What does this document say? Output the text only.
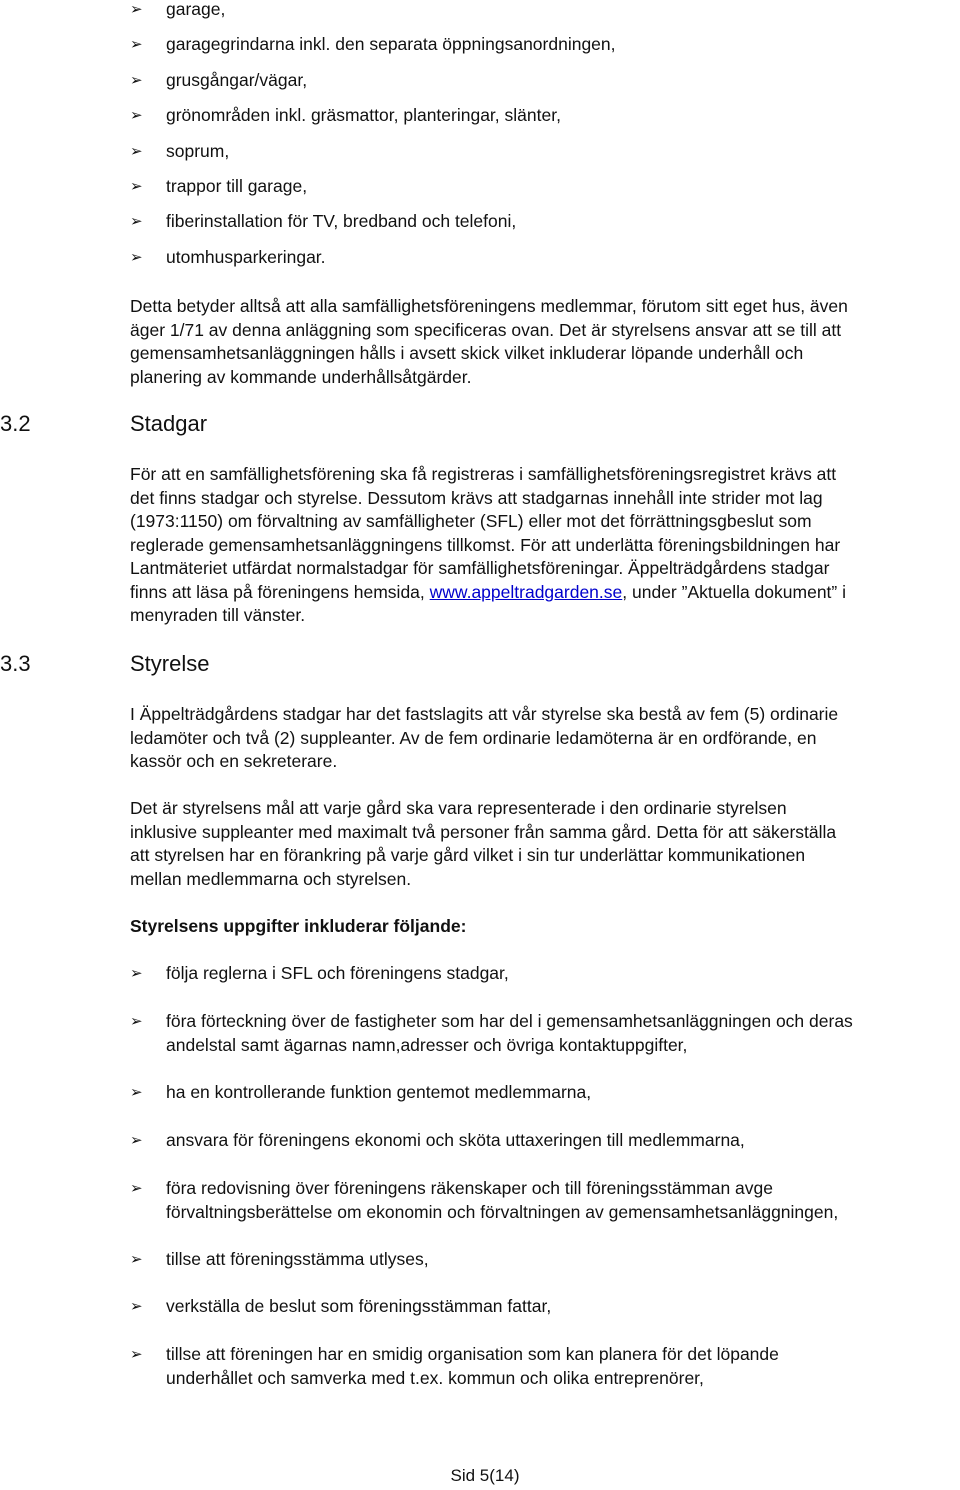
➢ garage,
➢ garagegrindarna inkl. den separata öppningsanordningen,
➢ grusgångar/vägar,
➢ grönområden inkl. gräsmattor, planteringar, slänter,
➢ soprum,
➢ trappor till garage,
➢ fiberinstallation för TV, bredband och telefoni,
➢ utomhusparkeringar.
Detta betyder alltså att alla samfällighetsföreningens medlemmar, förutom sitt eget hus, även
äger 1/71 av denna anläggning som specificeras ovan. Det är styrelsens ansvar att se till att
gemensamhetsanläggningen hålls i avsett skick vilket inkluderar löpande underhåll och
planering av kommande underhållsåtgärder.
3.2	Stadgar
För att en samfällighetsförening ska få registreras i samfällighetsföreningsregistret krävs att
det finns stadgar och styrelse. Dessutom krävs att stadgarnas innehåll inte strider mot lag
(1973:1150) om förvaltning av samfälligheter (SFL) eller mot det förrättningsgbeslut som
reglerade gemensamhetsanläggningens tillkomst. För att underlätta föreningsbildningen har
Lantmäteriet utfärdat normalstadgar för samfällighetsföreningar. Äppelträdgårdens stadgar
finns att läsa på föreningens hemsida, www.appeltradgarden.se, under ”Aktuella dokument” i
menyraden till vänster.
3.3	Styrelse
I Äppelträdgårdens stadgar har det fastslagits att vår styrelse ska bestå av fem (5) ordinarie
ledamöter och två (2) suppleanter. Av de fem ordinarie ledamöterna är en ordförande, en
kassör och en sekreterare.
Det är styrelsens mål att varje gård ska vara representerade i den ordinarie styrelsen
inklusive suppleanter med maximalt två personer från samma gård. Detta för att säkerställa
att styrelsen har en förankring på varje gård vilket i sin tur underlättar kommunikationen
mellan medlemmarna och styrelsen.

Styrelsens uppgifter inkluderar följande:

➢ följa reglerna i SFL och föreningens stadgar,
➢ föra förteckning över de fastigheter som har del i gemensamhetsanläggningen och deras
andelstal samt ägarnas namn,adresser och övriga kontaktuppgifter,
➢ ha en kontrollerande funktion gentemot medlemmarna,
➢ ansvara för föreningens ekonomi och sköta uttaxeringen till medlemmarna,
➢ föra redovisning över föreningens räkenskaper och till föreningsstämman avge
förvaltningsberättelse om ekonomin och förvaltningen av gemensamhetsanläggningen,
➢ tillse att föreningsstämma utlyses,
➢ verkställa de beslut som föreningsstämman fattar,
➢ tillse att föreningen har en smidig organisation som kan planera för det löpande
underhållet och samverka med t.ex. kommun och olika entreprenörer,
Sid 5(14)
